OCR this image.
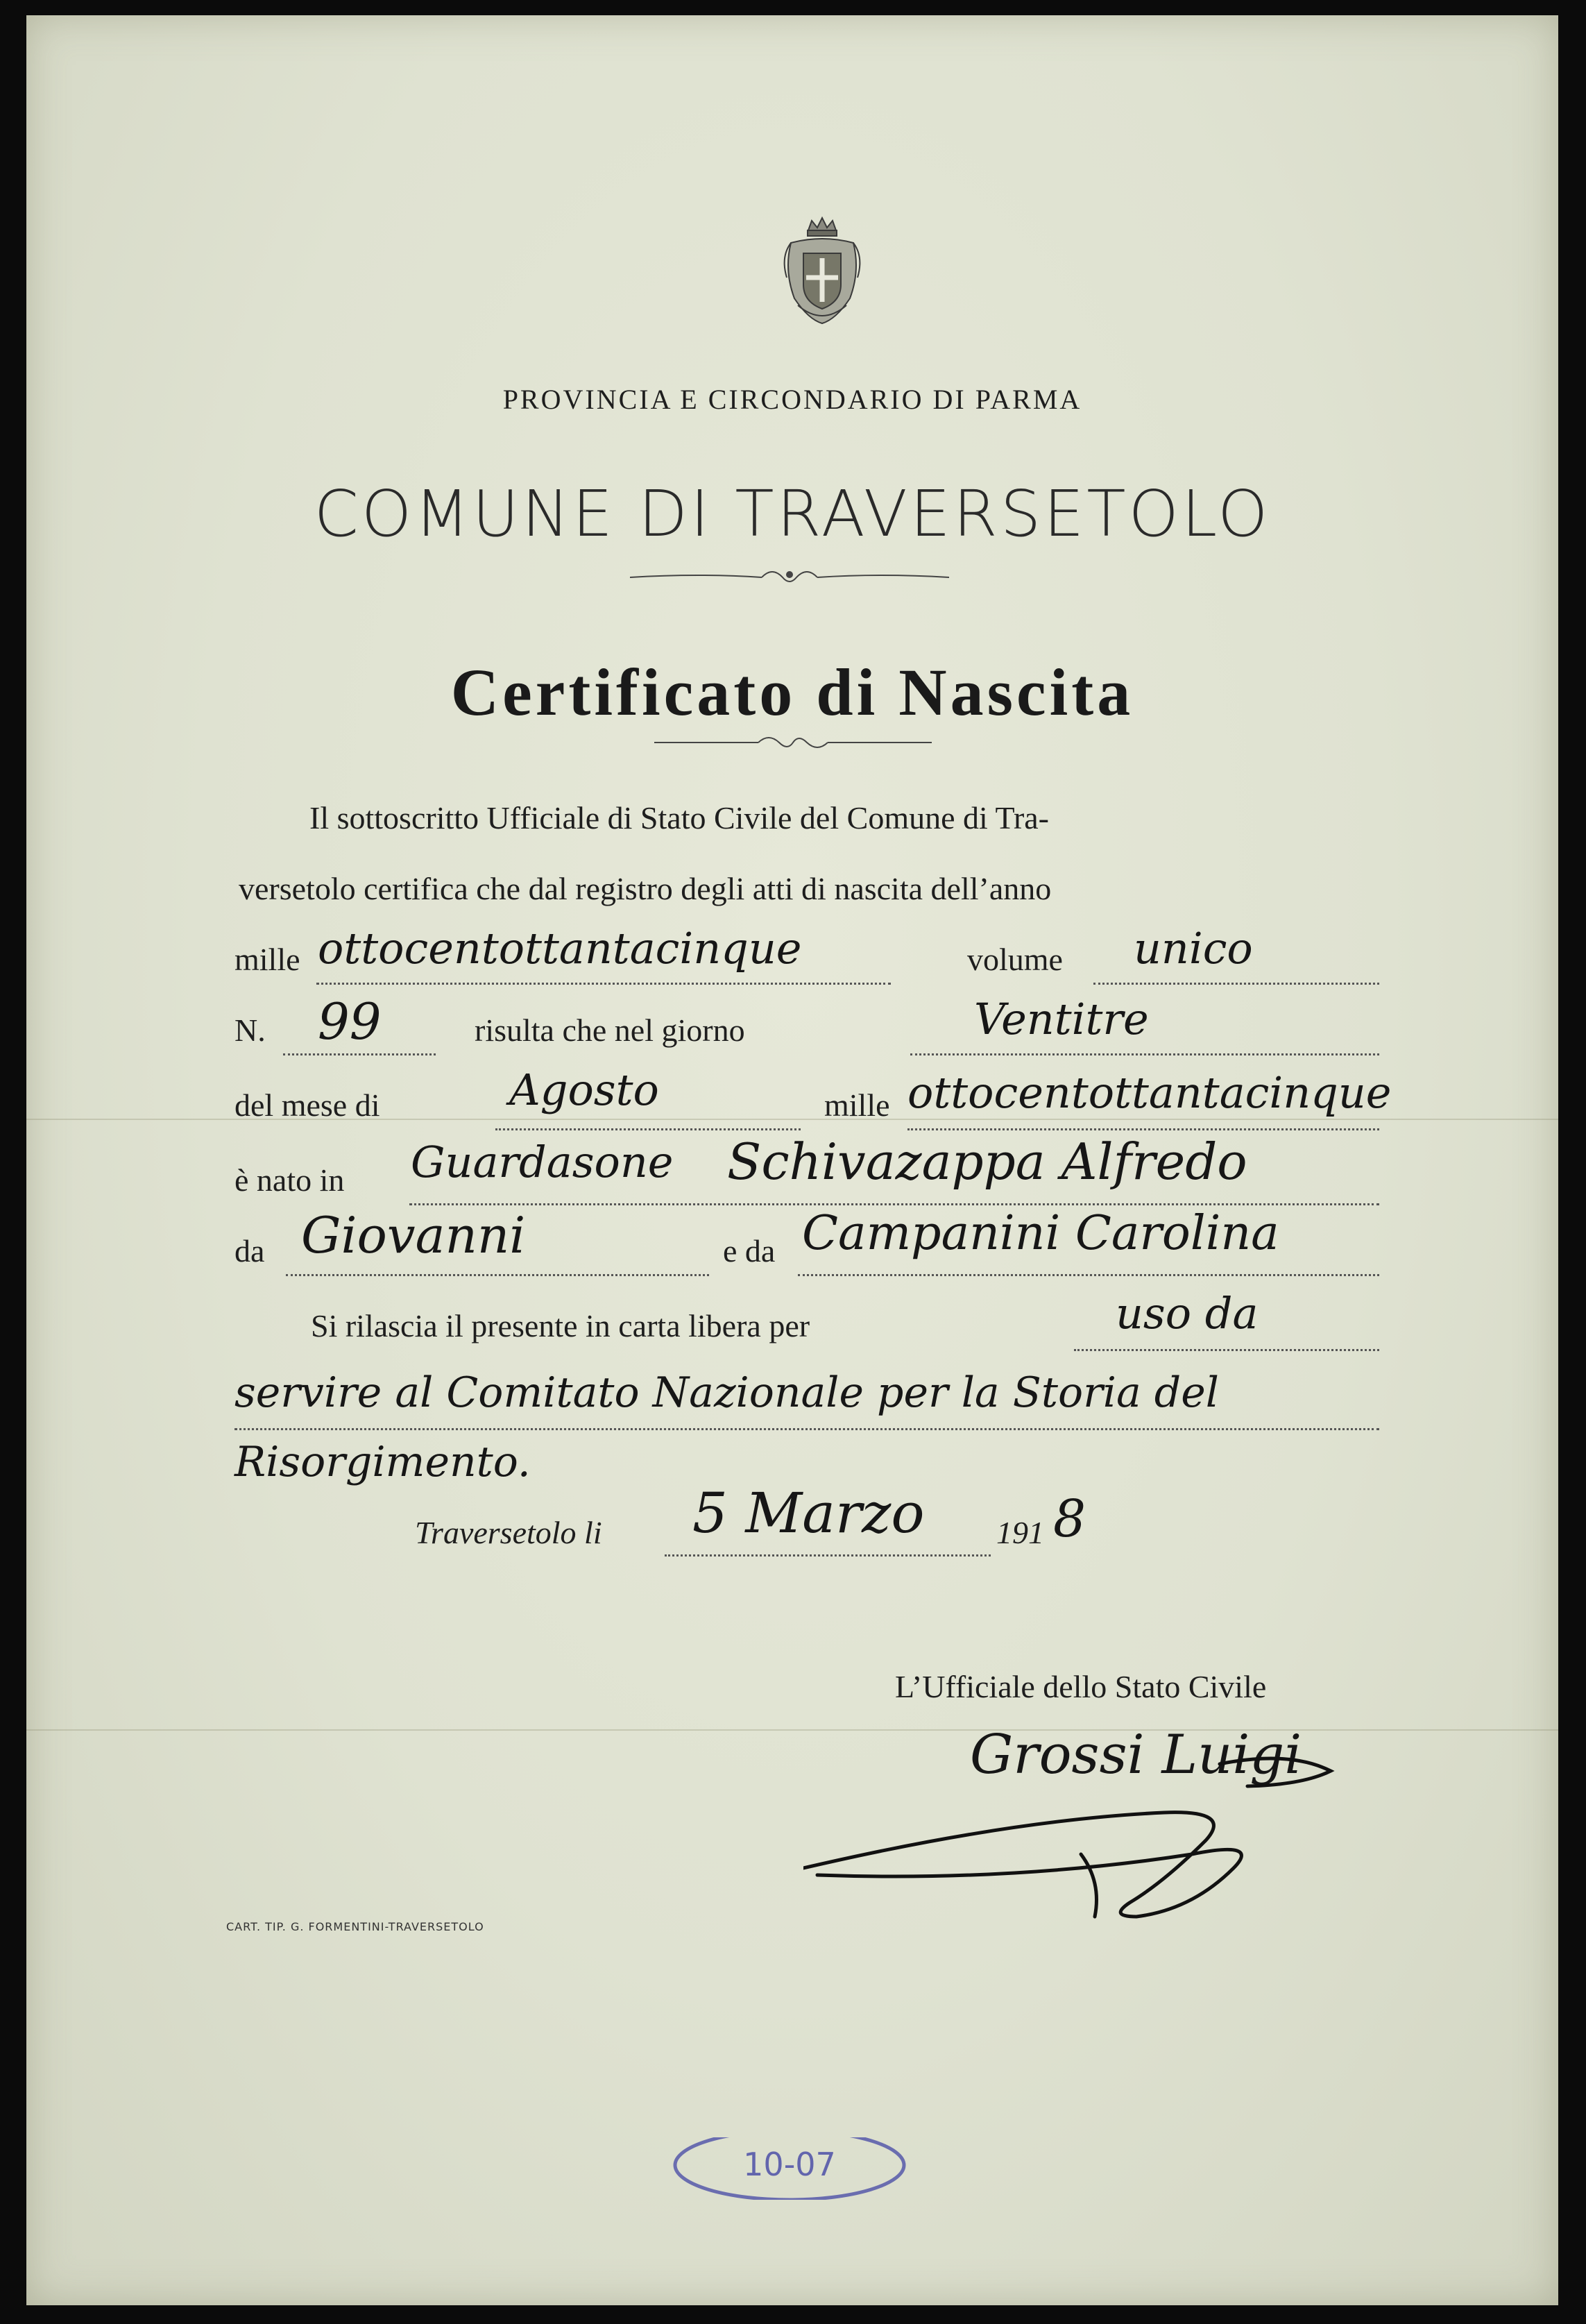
PROVINCIA E CIRCONDARIO DI PARMA
COMUNE DI TRAVERSETOLO
Certificato di Nascita
Il sottoscritto Ufficiale di Stato Civile del Comune di Tra-
versetolo certifica che dal registro degli atti di nascita dell’anno
mille ottocentottantacinque	volume unico
N. 99	risulta che nel giorno	Ventitre
del mese di	Agosto	mille ottocentottantacinque
è nato in Guardasone Schivazappa Alfredo
da Giovanni	e da Campanini Carolina
Si rilascia il presente in carta libera per	uso da
servire al Comitato Nazionale per la Storia del
Risorgimento.
Traversetolo li 5 Marzo 191 8
L’Ufficiale dello Stato Civile
Grossi Luigi
CART. TIP. G. FORMENTINI-TRAVERSETOLO
10-07
